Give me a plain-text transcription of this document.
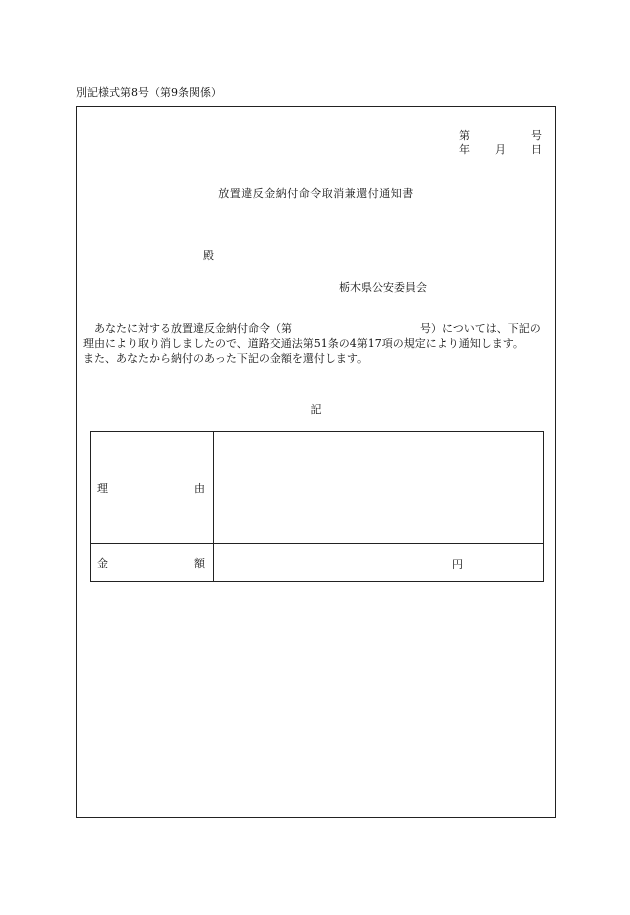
別記様式第8号（第9条関係）
第	号
年 月 日
放置違反金納付命令取消兼還付通知書
殿
栃木県公安委員会
　あなたに対する放置違反金納付命令（第	号）については、下記の
理由により取り消しましたので、道路交通法第51条の4第17項の規定により通知します。
また、あなたから納付のあった下記の金額を還付します。
記
理 由	

金 額	円
